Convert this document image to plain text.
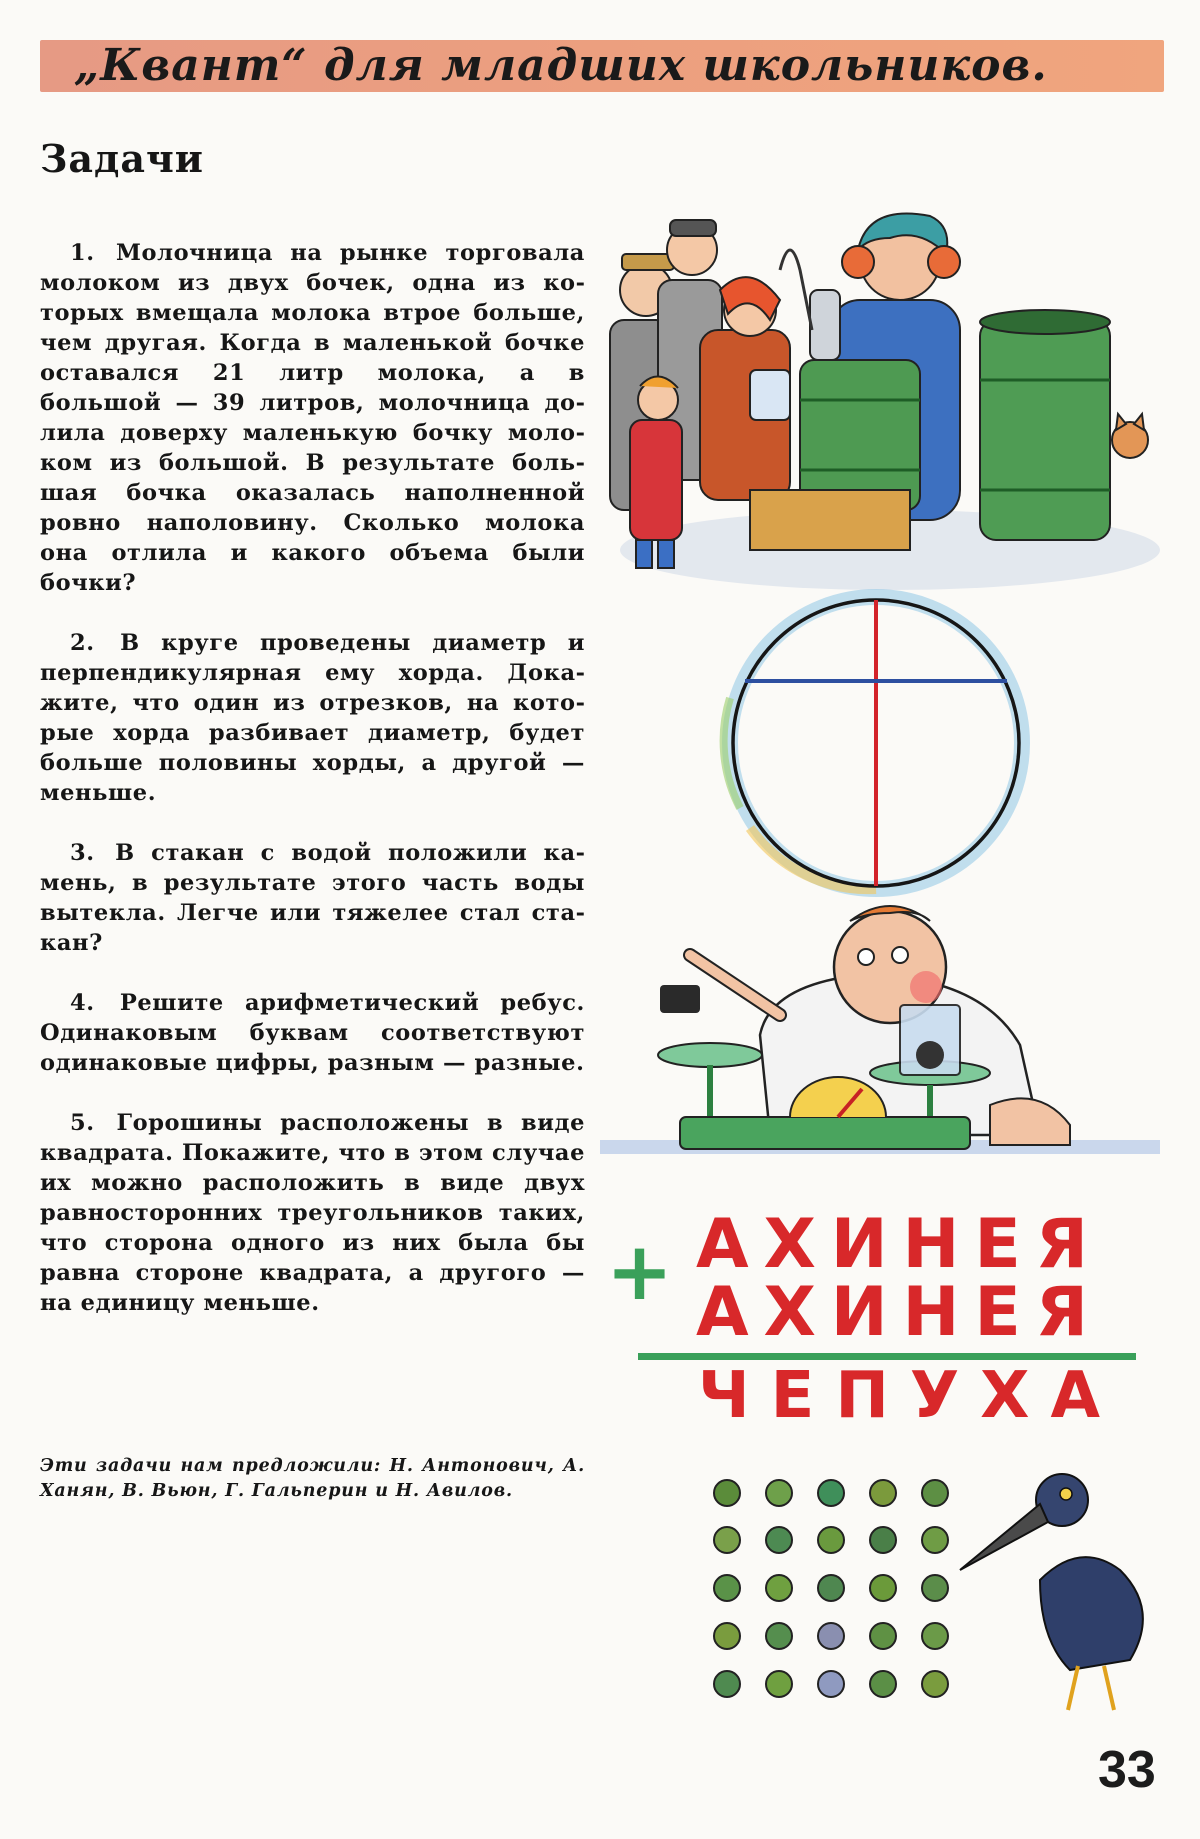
„Квант“ для младших школьников.
Задачи

1. Молочница на рынке торговала молоком из двух бочек, одна из которых вмещала молока втрое больше, чем другая. Когда в маленькой бочке оставался 21 литр молока, а в большой — 39 литров, молочница долила доверху маленькую бочку молоком из большой. В результате большая бочка оказалась наполненной ровно наполовину. Сколько молока она отлила и какого объема были бочки?

2. В круге проведены диаметр и перпендикулярная ему хорда. Докажите, что один из отрезков, на которые хорда разбивает диаметр, будет больше половины хорды, а другой — меньше.

3. В стакан с водой положили камень, в результате этого часть воды вытекла. Легче или тяжелее стал стакан?

4. Решите арифметический ребус. Одинаковым буквам соответствуют одинаковые цифры, разным — разные.

5. Горошины расположены в виде квадрата. Покажите, что в этом случае их можно расположить в виде двух равносторонних треугольников таких, что сторона одного из них была бы равна стороне квадрата, а другого — на единицу меньше.

Эти задачи нам предложили: Н. Антонович, А. Ханян, В. Вьюн, Г. Гальперин и Н. Авилов.
+ АХИНЕЯ
АХИНЕЯ
ЧЕПУХА
33
